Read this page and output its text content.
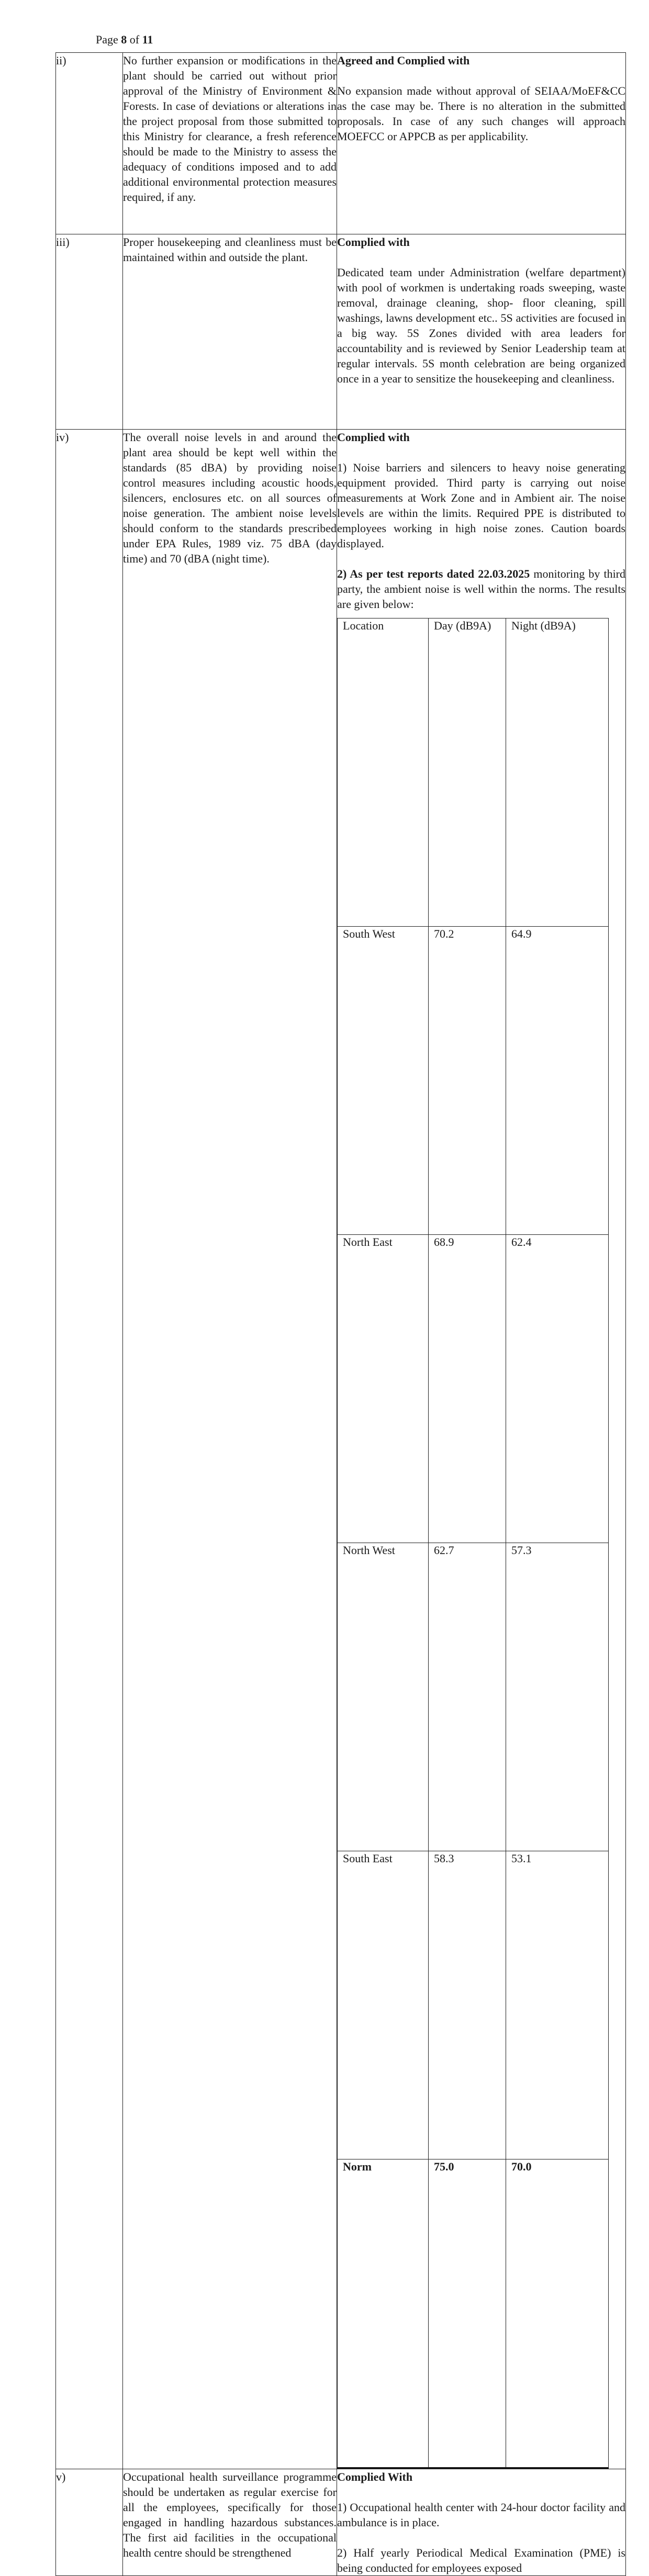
Page 8 of 11
ii)	No further expansion or modifications in the plant should be carried out without prior approval of the Ministry of Environment & Forests. In case of deviations or alterations in the project proposal from those submitted to this Ministry for clearance, a fresh reference should be made to the Ministry to assess the adequacy of conditions imposed and to add additional environmental protection measures required, if any.	
Agreed and Complied with

No expansion made without approval of SEIAA/MoEF&CC as the case may be. There is no alteration in the submitted proposals. In case of any such changes will approach MOEFCC or APPCB as per applicability.

iii)	Proper housekeeping and cleanliness must be maintained within and outside the plant.	
Complied with

Dedicated team under Administration (welfare department) with pool of workmen is undertaking roads sweeping, waste removal, drainage cleaning, shop- floor cleaning, spill washings, lawns development etc.. 5S activities are focused in a big way. 5S Zones divided with area leaders for accountability and is reviewed by Senior Leadership team at regular intervals. 5S month celebration are being organized once in a year to sensitize the housekeeping and cleanliness.

iv)	The overall noise levels in and around the plant area should be kept well within the standards (85 dBA) by providing noise control measures including acoustic hoods, silencers, enclosures etc. on all sources of noise generation. The ambient noise levels should conform to the standards prescribed under EPA Rules, 1989 viz. 75 dBA (day time) and 70 (dBA (night time).	
Complied with

1) Noise barriers and silencers to heavy noise generating equipment provided. Third party is carrying out noise measurements at Work Zone and in Ambient air. The noise levels are within the limits. Required PPE is distributed to employees working in high noise zones. Caution boards displayed.

2) As per test reports dated 22.03.2025 monitoring by third party, the ambient noise is well within the norms. The results are given below:

Location	Day (dB9A)	Night (dB9A)
South West	70.2	64.9
North East	68.9	62.4
North West	62.7	57.3
South East	58.3	53.1
Norm	75.0	70.0

v)	Occupational health surveillance programme should be undertaken as regular exercise for all the employees, specifically for those engaged in handling hazardous substances. The first aid facilities in the occupational health centre should be strengthened	
Complied With

1) Occupational health center with 24-hour doctor facility and ambulance is in place.

2) Half yearly Periodical Medical Examination (PME) is being conducted for employees exposed
